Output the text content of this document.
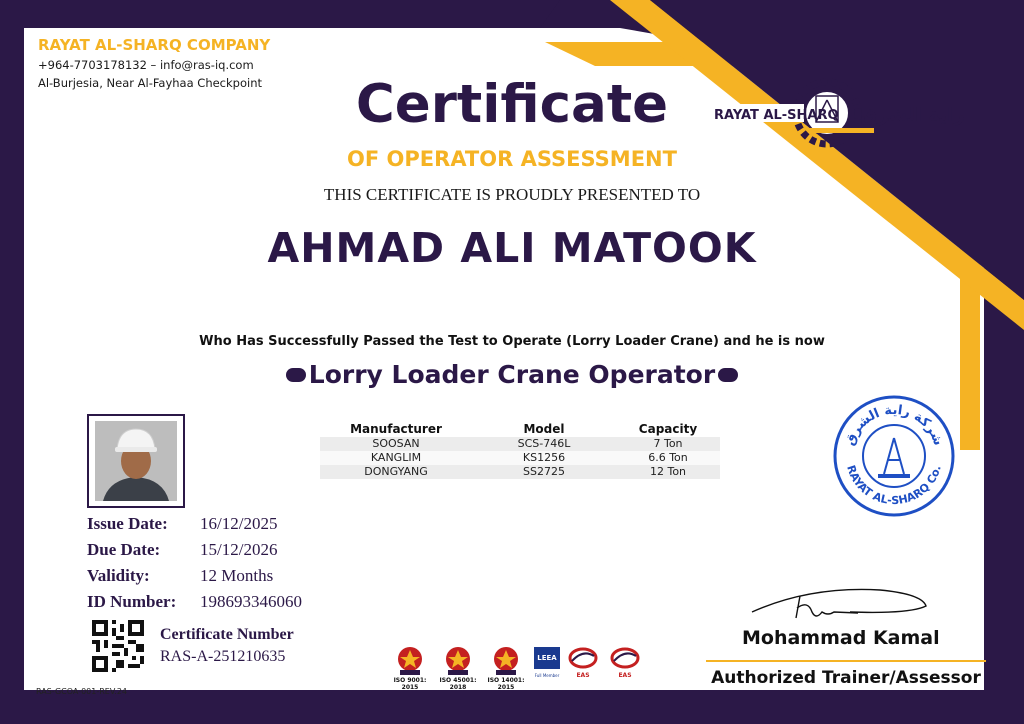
RAYAT AL-SHARQ COMPANY
+964-7703178132 – info@ras-iq.com
Al-Burjesia, Near Al-Fayhaa Checkpoint
RAYAT AL-SHARQ راية الشرق
Certificate
OF OPERATOR ASSESSMENT
THIS CERTIFICATE IS PROUDLY PRESENTED TO
AHMAD ALI MATOOK
Who Has Successfully Passed the Test to Operate (Lorry Loader Crane) and he is now
Lorry Loader Crane Operator
Issue Date: 16/12/2025
Due Date: 15/12/2026
Validity:	12 Months
ID Number: 198693346060
Certificate Number
RAS-A-251210635
RAS-GCOA-001-REV.24
Manufacturer	Model	Capacity
SOOSAN	SCS-746L	7 Ton
KANGLIM	KS1256	6.6 Ton
DONGYANG	SS2725	12 Ton
شركة راية الشرق
RAYAT AL-SHARQ Co.
ISO 9001:
2015
ISO 45001:
2018
ISO 14001:
2015
LEEA
Full Member	EAS	EAS
Mohammad Kamal
Authorized Trainer/Assessor
